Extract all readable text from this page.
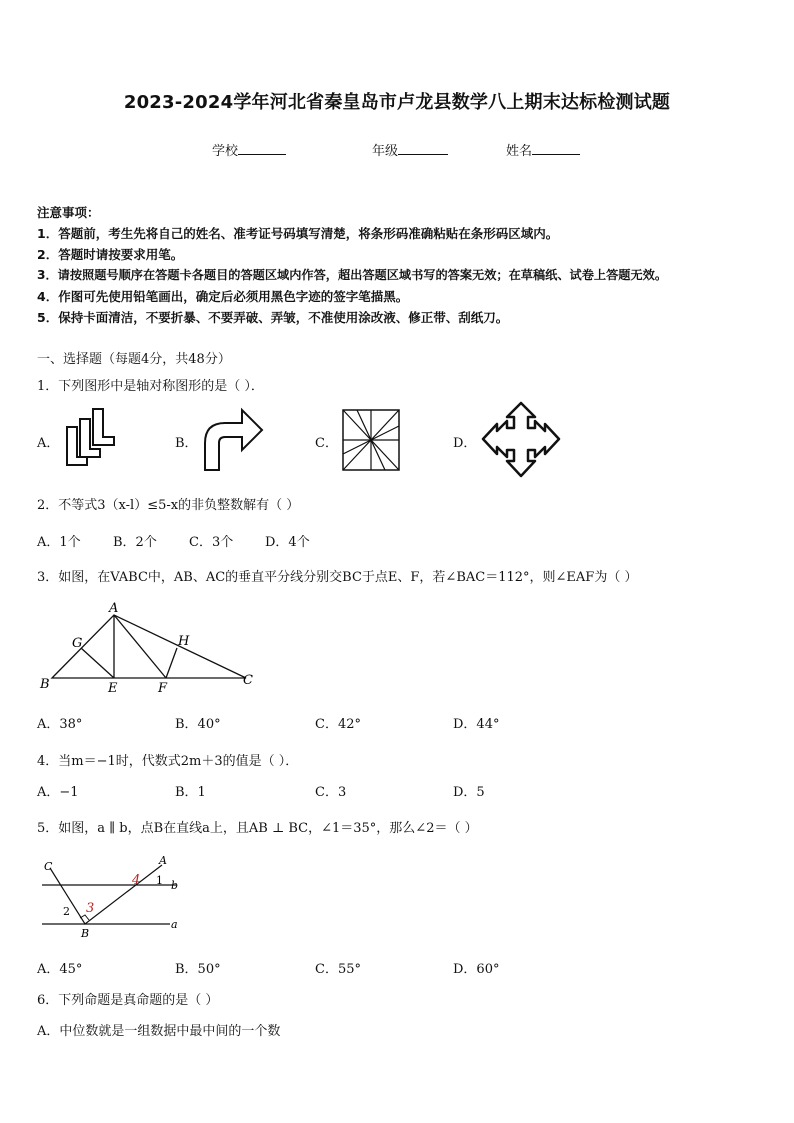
2023-2024学年河北省秦皇岛市卢龙县数学八上期末达标检测试题
学校	年级	姓名
注意事项：
1．答题前，考生先将自己的姓名、准考证号码填写清楚，将条形码准确粘贴在条形码区域内。
2．答题时请按要求用笔。
3．请按照题号顺序在答题卡各题目的答题区域内作答，超出答题区域书写的答案无效；在草稿纸、试卷上答题无效。
4．作图可先使用铅笔画出，确定后必须用黑色字迹的签字笔描黑。
5．保持卡面清洁，不要折暴、不要弄破、弄皱，不准使用涂改液、修正带、刮纸刀。
一、选择题（每题4分，共48分）
1．下列图形中是轴对称图形的是（ ）．
A．	B．	C．	D．
2．不等式3（x-l）≤5-x的非负整数解有（ ）
A．1个 B．2个 C．3个 D．4个
3．如图，在VABC中，AB、AC的垂直平分线分别交BC于点E、F，若∠BAC＝112°，则∠EAF为（ ）
A
G	H
B	E	F
C
A．38°	B．40°	C．42°	D．44°
4．当m＝−1时，代数式2m＋3的值是（ ）．
A．−1	B．1	C．3	D．5
5．如图，a ∥ b，点B在直线a上，且AB ⊥ BC，∠1＝35°，那么∠2＝（ ）
C	A
4 1 b
2 3
B
a
A．45°	B．50°	C．55°	D．60°
6．下列命题是真命题的是（ ）
A．中位数就是一组数据中最中间的一个数
